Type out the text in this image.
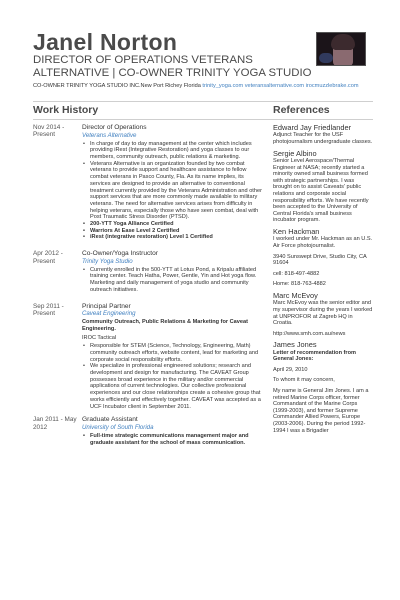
Janel Norton
DIRECTOR OF OPERATIONS VETERANS ALTERNATIVE | CO-OWNER TRINITY YOGA STUDIO
CO-OWNER TRINITY YOGA STUDIO INC.New Port Richey Florida trinity_yoga.com veteransalternative.com irocmuzzlebrake.com
Work History	References
Nov 2014 - Present
Director of Operations
Veterans Alternative
• In charge of day to day management at the center which includes providing iRest (Integrative Restoration) and yoga classes to our members, community outreach, public relations & marketing.
• Veterans Alternative is an organization founded by two combat veterans to provide support and healthcare assistance to fellow combat veterans in Pasco County, Fla. As its name implies, its services are designed to provide an alternative to conventional treatment currently provided by the Veterans Administration and other support services that are more commonly made available to military veterans. The need for alternative services arises from difficulty in helping veterans, especially those who have seen combat, deal with Post Traumatic Stress Disorder (PTSD).
• 200-YTT Yoga Alliance Certified
• Warriors At Ease Level 2 Certified
• iRest (integrative restoration) Level 1 Certified
Apr 2012 - Present
Co-Owner/Yoga Instructor
Trinity Yoga Studio
• Currently enrolled in the 500-YTT at Lotus Pond, a Kripalu affiliated training center. Teach Hatha, Power, Gentle, Yin and Hot yoga flow. Marketing and daily management of yoga studio and community outreach initiatives.
Sep 2011 - Present
Principal Partner
Caveat Engineering
Community Outreach, Public Relations & Marketing for Caveat Engineering.
IROC Tactical
• Responsible for STEM (Science, Technology, Engineering, Math) community outreach efforts, website content, lead for marketing and corporate social responsibility efforts.
• We specialize in professional engineered solutions; research and development and design for manufacturing. The CAVEAT Group possesses broad experience in the military and/or commercial applications of current technologies. Our collective professional experiences and our close relationships create a cohesive group that works efficiently and effectively together. CAVEAT was accepted as a UCF Incubator client in September 2011.
Jan 2011 - May 2012
Graduate Assistant
University of South Florida
• Full-time strategic communications management major and graduate assistant for the school of mass communication.
Edward Jay Friedlander
Adjunct Teacher for the USF photojournalism undergraduate classes.
Sergie Albino
Senior Level Aerospace/Thermal Engineer at NASA; recently started a minority owned small business formed with strategic partnerships. I was brought on to assist Caveats' public relations and corporate social responsibility efforts. We have recently been accepted to the University of Central Florida's small business incubator program.
Ken Hackman
I worked under Mr. Hackman as an U.S. Air Force photojournalist.
3940 Sunswept Drive, Studio City, CA 91604
cell: 818-497-4882
Home: 818-763-4882
Marc McEvoy
Marc McEvoy was the senior editor and my supervisor during the years I worked at UNPROFOR at Zagreb HQ in Croatia.
http://www.smh.com.au/news
James Jones
Letter of recommendation from General Jones:
April 29, 2010
To whom it may concern,
My name is General Jim Jones. I am a retired Marine Corps officer, former Commandant of the Marine Corps (1999-2003), and former Supreme Commander Allied Powers, Europe (2003-2006). During the period 1992-1994 I was a Brigadier
